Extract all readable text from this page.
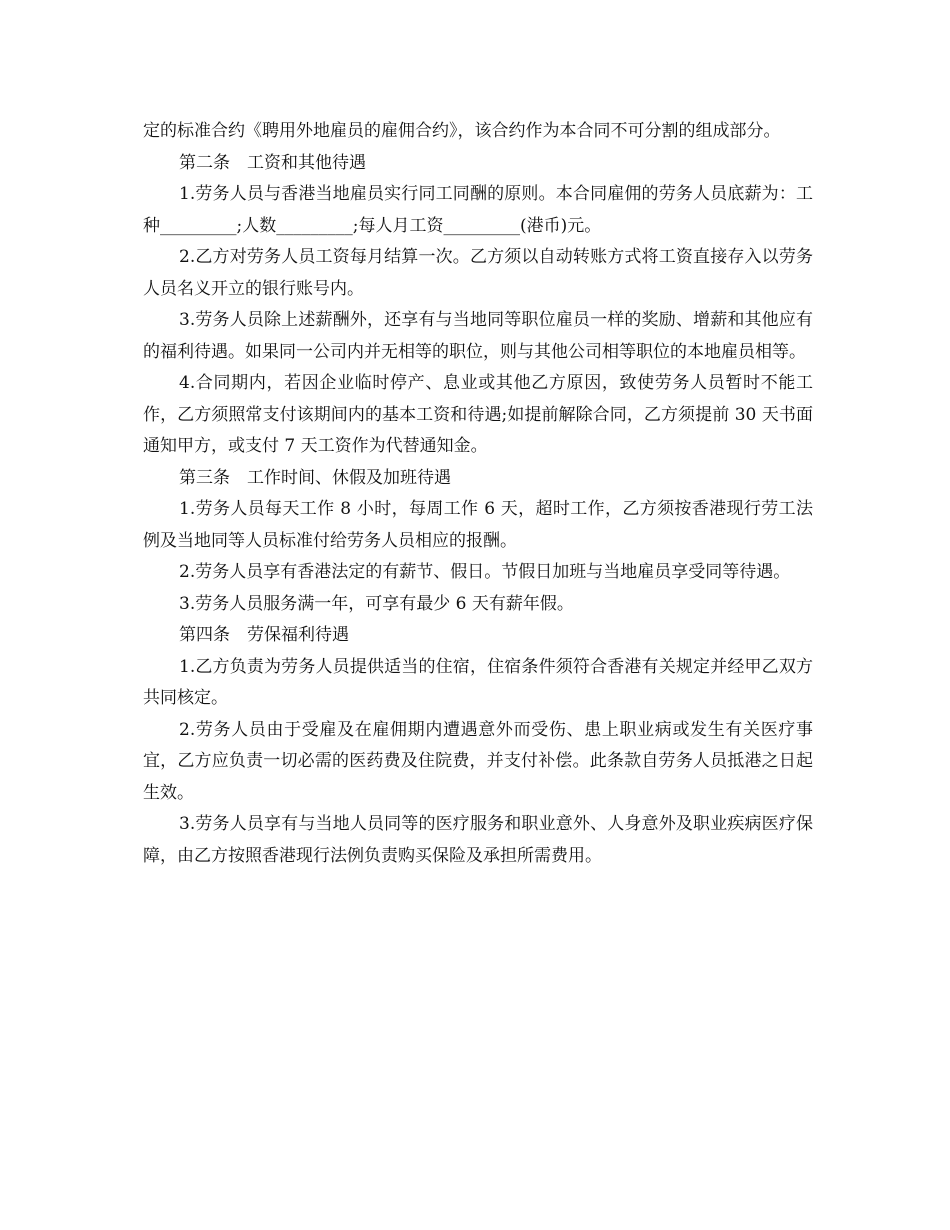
定的标准合约《聘用外地雇员的雇佣合约》，该合约作为本合同不可分割的组成部分。

第二条　工资和其他待遇

1.劳务人员与香港当地雇员实行同工同酬的原则。本合同雇佣的劳务人员底薪为：工种_________;人数_________;每人月工资_________(港币)元。

2.乙方对劳务人员工资每月结算一次。乙方须以自动转账方式将工资直接存入以劳务人员名义开立的银行账号内。

3.劳务人员除上述薪酬外，还享有与当地同等职位雇员一样的奖励、增薪和其他应有的福利待遇。如果同一公司内并无相等的职位，则与其他公司相等职位的本地雇员相等。

4.合同期内，若因企业临时停产、息业或其他乙方原因，致使劳务人员暂时不能工作，乙方须照常支付该期间内的基本工资和待遇;如提前解除合同，乙方须提前 30 天书面通知甲方，或支付 7 天工资作为代替通知金。

第三条　工作时间、休假及加班待遇

1.劳务人员每天工作 8 小时，每周工作 6 天，超时工作，乙方须按香港现行劳工法例及当地同等人员标准付给劳务人员相应的报酬。

2.劳务人员享有香港法定的有薪节、假日。节假日加班与当地雇员享受同等待遇。

3.劳务人员服务满一年，可享有最少 6 天有薪年假。

第四条　劳保福利待遇

1.乙方负责为劳务人员提供适当的住宿，住宿条件须符合香港有关规定并经甲乙双方共同核定。

2.劳务人员由于受雇及在雇佣期内遭遇意外而受伤、患上职业病或发生有关医疗事宜，乙方应负责一切必需的医药费及住院费，并支付补偿。此条款自劳务人员抵港之日起生效。

3.劳务人员享有与当地人员同等的医疗服务和职业意外、人身意外及职业疾病医疗保障，由乙方按照香港现行法例负责购买保险及承担所需费用。
